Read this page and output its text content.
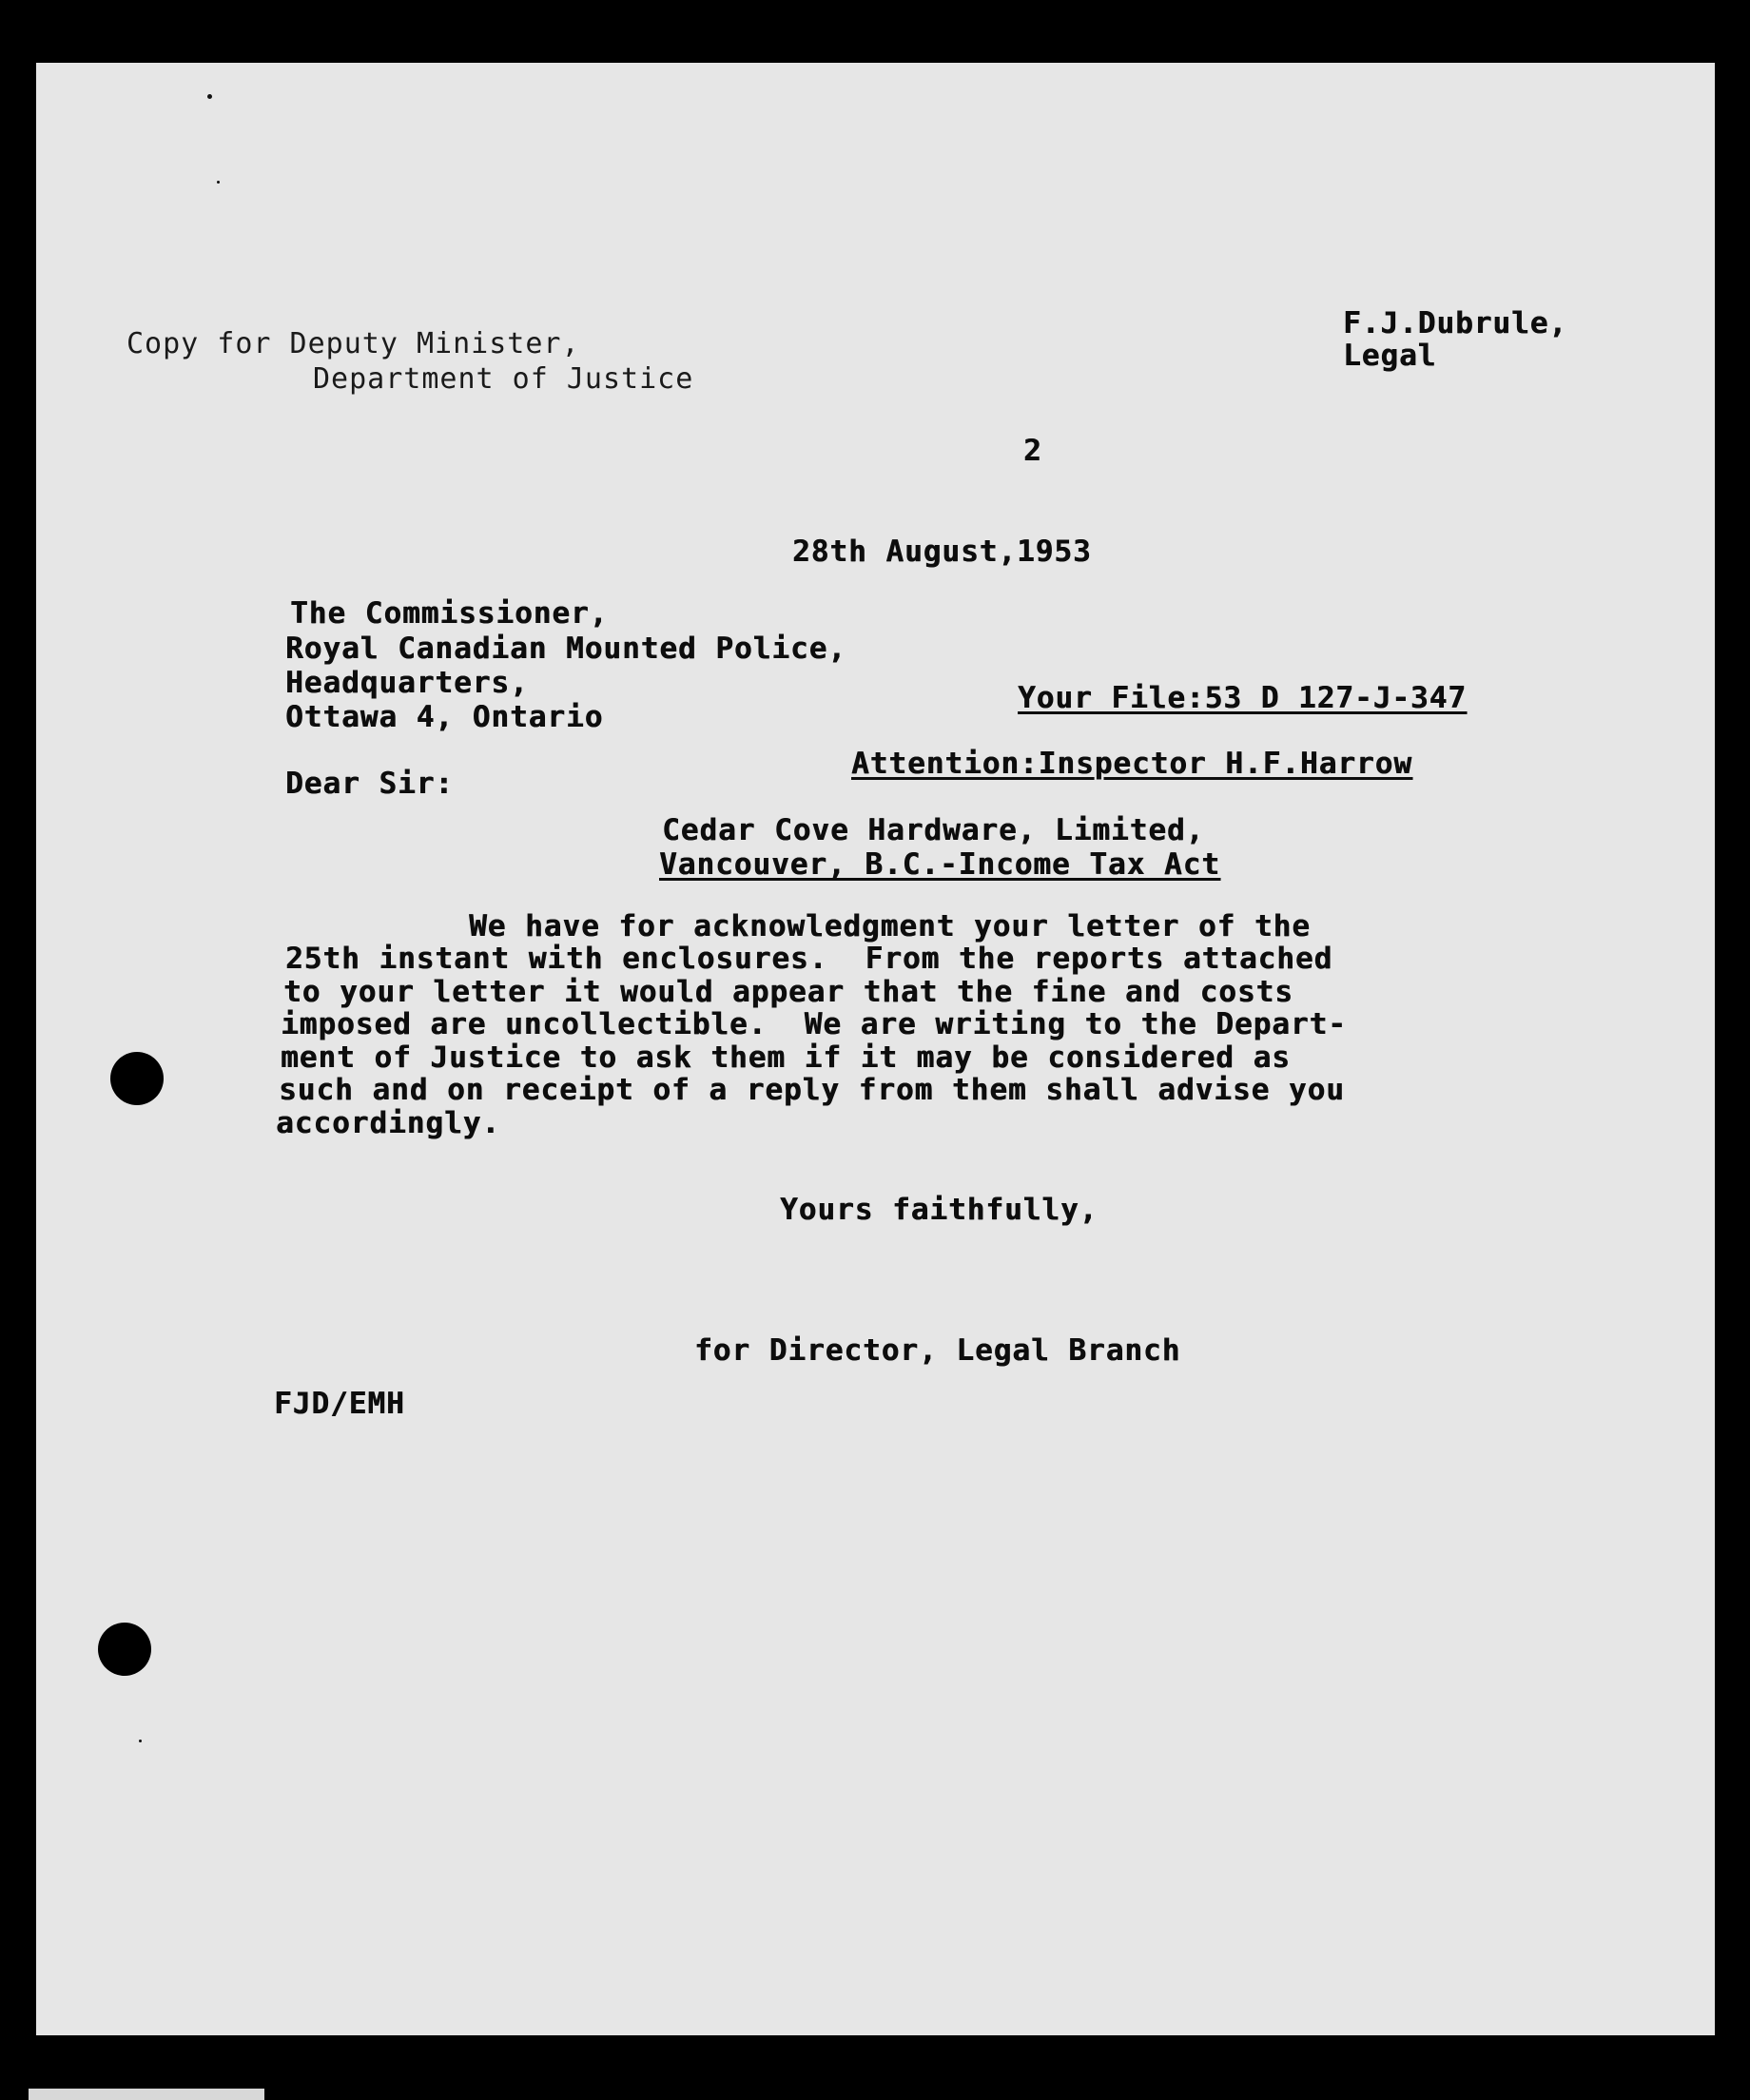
Copy for Deputy Minister,
Department of Justice
F.J.Dubrule,
Legal
2
28th August,1953
The Commissioner,
Royal Canadian Mounted Police,
Headquarters,
Ottawa 4, Ontario
Your File:53 D 127-J-347
Attention:Inspector H.F.Harrow
Dear Sir:
Cedar Cove Hardware, Limited,
Vancouver, B.C.-Income Tax Act
We have for acknowledgment your letter of the
25th instant with enclosures.  From the reports attached
to your letter it would appear that the fine and costs
imposed are uncollectible.  We are writing to the Depart-
ment of Justice to ask them if it may be considered as
such and on receipt of a reply from them shall advise you
accordingly.
Yours faithfully,
for Director, Legal Branch
FJD/EMH
